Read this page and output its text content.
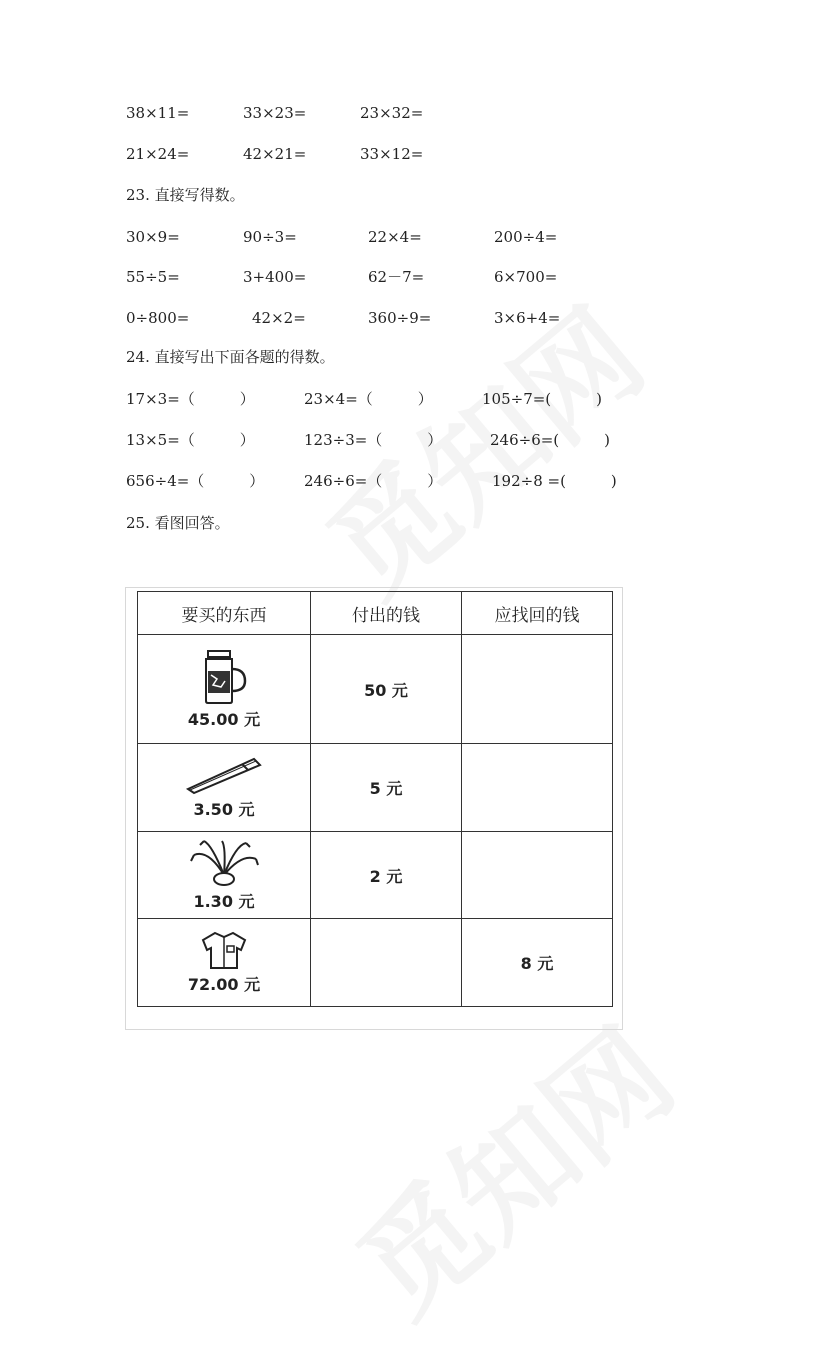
38×11=	33×23=	23×32=
21×24=	42×21=	33×12=
23. 直接写得数。
30×9=	90÷3=	22×4=	200÷4=
55÷5=	3+400=	62－7=	6×700=
0÷800=	42×2=	360÷9=	3×6+4=
24. 直接写出下面各题的得数。
17×3=（　　　）	23×4=（　　　）	105÷7=(　　　)
13×5=（　　　）	123÷3=（　　　）	246÷6=(　　　)
656÷4=（　　　）	246÷6=（　　　）	192÷8 =(　　　)
25. 看图回答。
要买的东西	付出的钱	应找回的钱

45.00 元	50 元	

3.50 元	5 元	

1.30 元	2 元	

72.00 元		8 元
